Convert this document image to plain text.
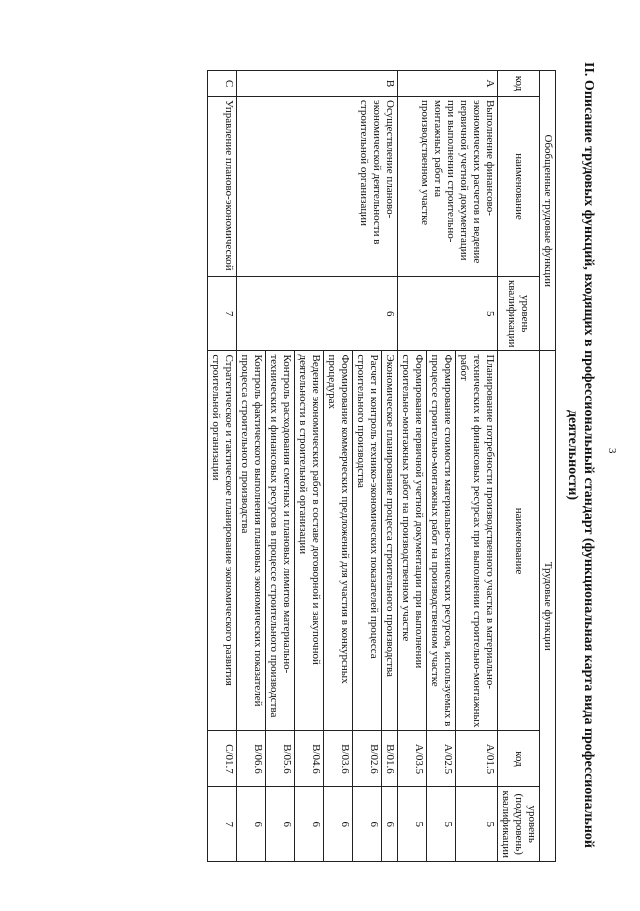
3
II. Описание трудовых функций, входящих в профессиональный стандарт (функциональная карта вида профессиональной деятельности)
Обобщенные трудовые функции			Трудовые функции		
код	наименование	уровень квалификации	наименование	код	уровень (подуровень) квалификации
A	Выполнение финансово-экономических расчетов и ведение первичной учетной документации при выполнении строительно-монтажных работ на производственном участке	5	Планирование потребности производственного участка в материально-технических и финансовых ресурсах при выполнении строительно-монтажных работ	A/01.5	5
			Формирование стоимости материально-технических ресурсов, используемых в процессе строительно-монтажных работ на производственном участке	A/02.5	5
			Формирование первичной учетной документации при выполнении строительно-монтажных работ на производственном участке	A/03.5	5
B	Осуществление планово-экономической деятельности в строительной организации	6	Экономическое планирование процесса строительного производства	B/01.6	6
			Расчет и контроль технико-экономических показателей процесса строительного производства	B/02.6	6
			Формирование коммерческих предложений для участия в конкурсных процедурах	B/03.6	6
			Ведение экономических работ в составе договорной и закупочной деятельности в строительной организации	B/04.6	6
			Контроль расходования сметных и плановых лимитов материально-технических и финансовых ресурсов в процессе строительного производства	B/05.6	6
			Контроль фактического выполнения плановых экономических показателей процесса строительного производства	B/06.6	6
C	Управление планово-экономической	7	Стратегическое и тактическое планирование экономического развития строительной организации	C/01.7	7
